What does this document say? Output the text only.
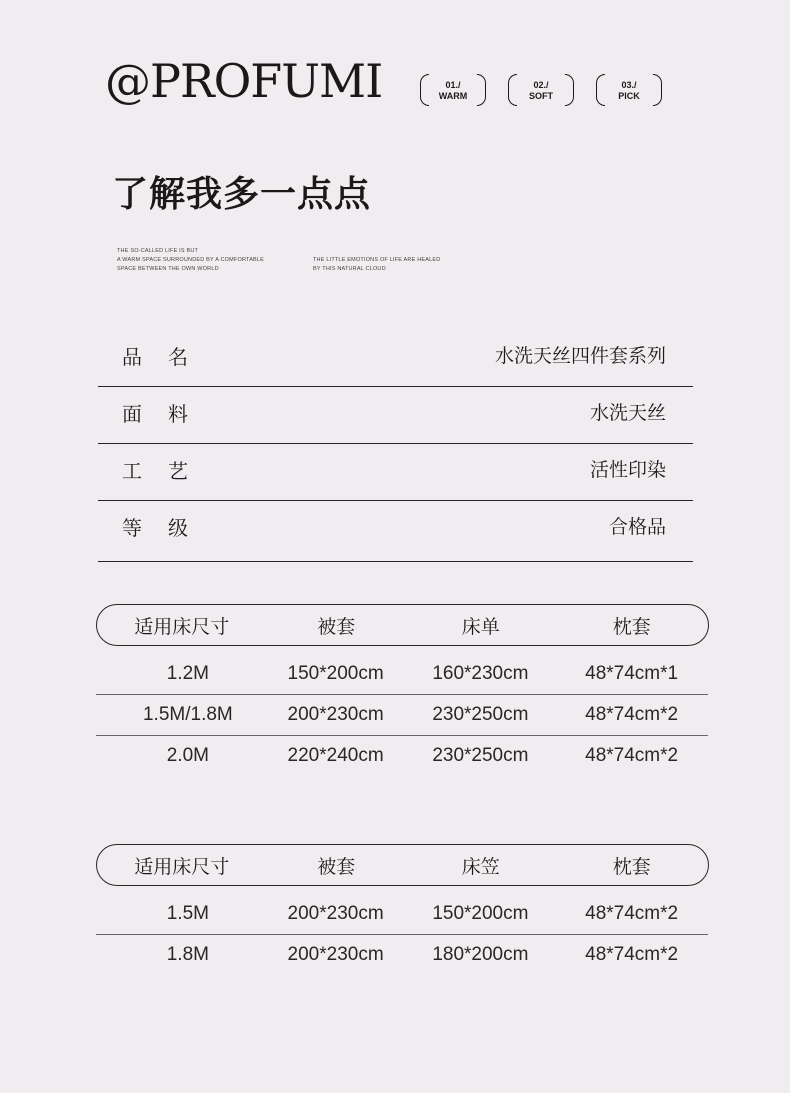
@PROFUMI	01./
WARM
02./
SOFT
03./
PICK
了解我多一点点
THE SO-CALLED LIFE IS BUT
A WARM SPACE SURROUNDED BY A COMFORTABLE
SPACE BETWEEN THE OWN WORLD
THE LITTLE EMOTIONS OF LIFE ARE HEALED
BY THIS NATURAL CLOUD
品名	水洗天丝四件套系列
面料	水洗天丝
工艺	活性印染
等级	合格品
适用床尺寸	被套	床单	枕套
1.2M	150*200cm	160*230cm	48*74cm*1
1.5M/1.8M	200*230cm	230*250cm	48*74cm*2
2.0M	220*240cm	230*250cm	48*74cm*2
适用床尺寸	被套	床笠	枕套
1.5M	200*230cm	150*200cm	48*74cm*2
1.8M	200*230cm	180*200cm	48*74cm*2
